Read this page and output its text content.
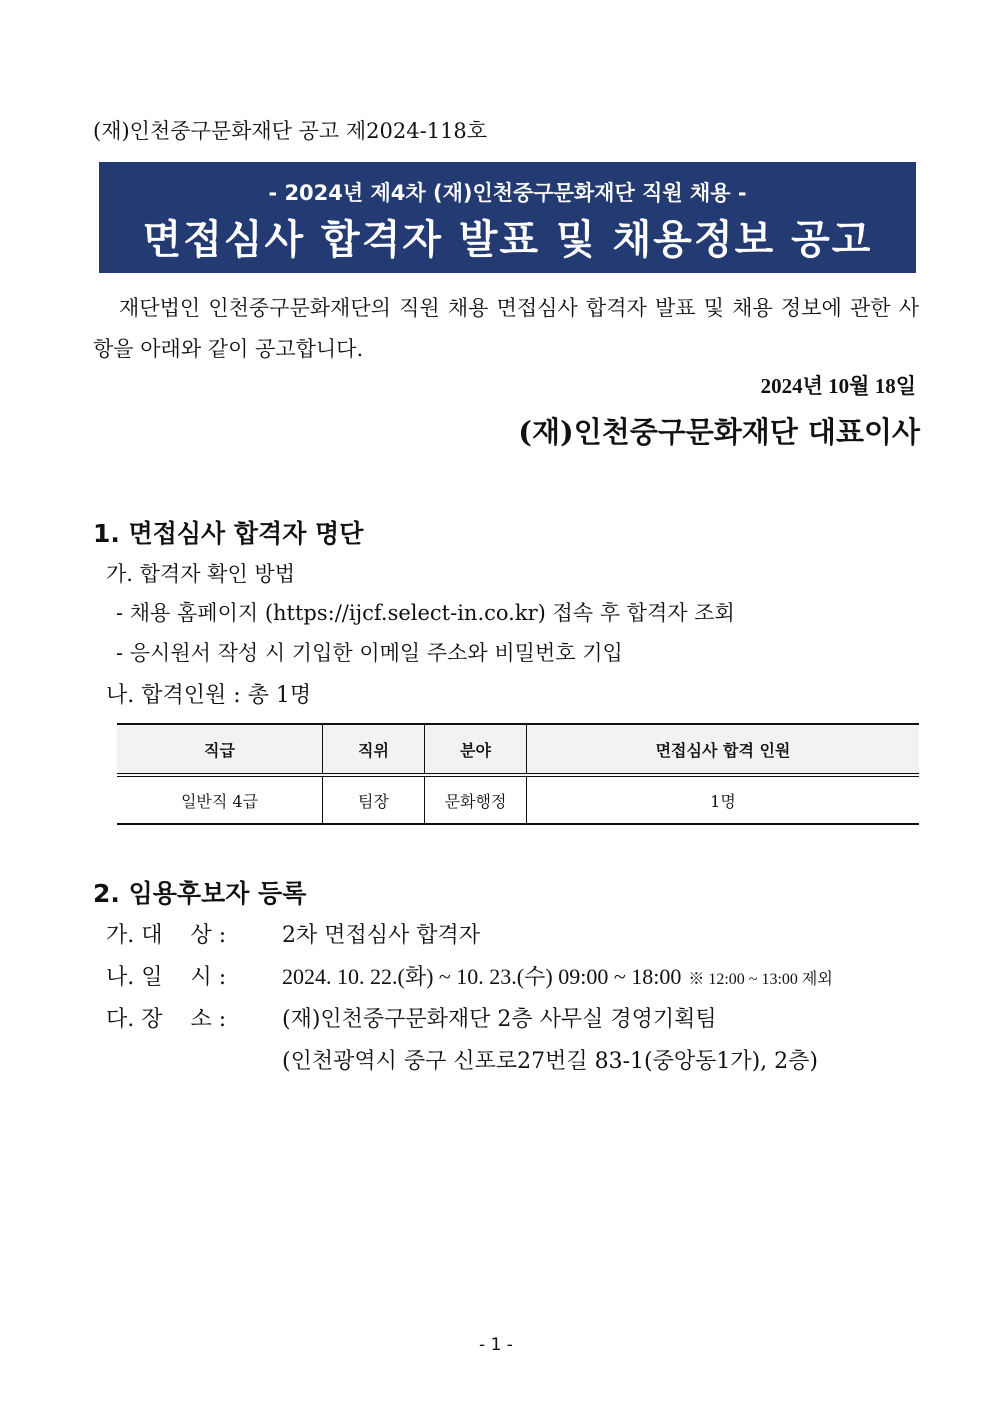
(재)인천중구문화재단 공고 제2024-118호
- 2024년 제4차 (재)인천중구문화재단 직원 채용 -
면접심사 합격자 발표 및 채용정보 공고
재단법인 인천중구문화재단의 직원 채용 면접심사 합격자 발표 및 채용 정보에 관한 사항을 아래와 같이 공고합니다.
2024년 10월 18일
(재)인천중구문화재단 대표이사
1. 면접심사 합격자 명단
가. 합격자 확인 방법
- 채용 홈페이지 (https://ijcf.select-in.co.kr) 접속 후 합격자 조회
- 응시원서 작성 시 기입한 이메일 주소와 비밀번호 기입
나. 합격인원 : 총 1명
직급	직위	분야	면접심사 합격 인원
일반직 4급	팀장	문화행정	1명
2. 임용후보자 등록
가. 대    상 :	2차 면접심사 합격자
나. 일    시 :	2024. 10. 22.(화) ~ 10. 23.(수) 09:00 ~ 18:00 ※ 12:00 ~ 13:00 제외
다. 장    소 :	(재)인천중구문화재단 2층 사무실 경영기획팀
(인천광역시 중구 신포로27번길 83-1(중앙동1가), 2층)
- 1 -
